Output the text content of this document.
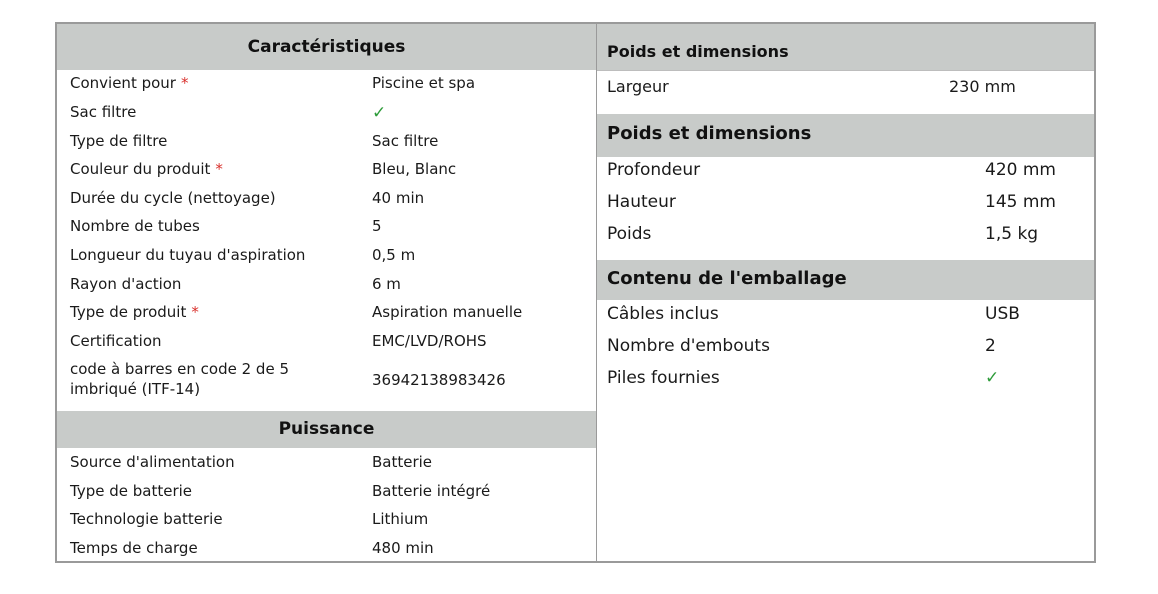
Caractéristiques
Convient pour *	Piscine et spa
Sac filtre	✓
Type de filtre	Sac filtre
Couleur du produit *	Bleu, Blanc
Durée du cycle (nettoyage)	40 min
Nombre de tubes	5
Longueur du tuyau d'aspiration	0,5 m
Rayon d'action	6 m
Type de produit *	Aspiration manuelle
Certification	EMC/LVD/ROHS
code à barres en code 2 de 5
imbriqué (ITF-14)	36942138983426
Puissance
Source d'alimentation	Batterie
Type de batterie	Batterie intégré
Technologie batterie	Lithium
Temps de charge	480 min
Poids et dimensions
Largeur	230 mm
Poids et dimensions
Profondeur	420 mm
Hauteur	145 mm
Poids	1,5 kg
Contenu de l'emballage
Câbles inclus	USB
Nombre d'embouts	2
Piles fournies	✓
